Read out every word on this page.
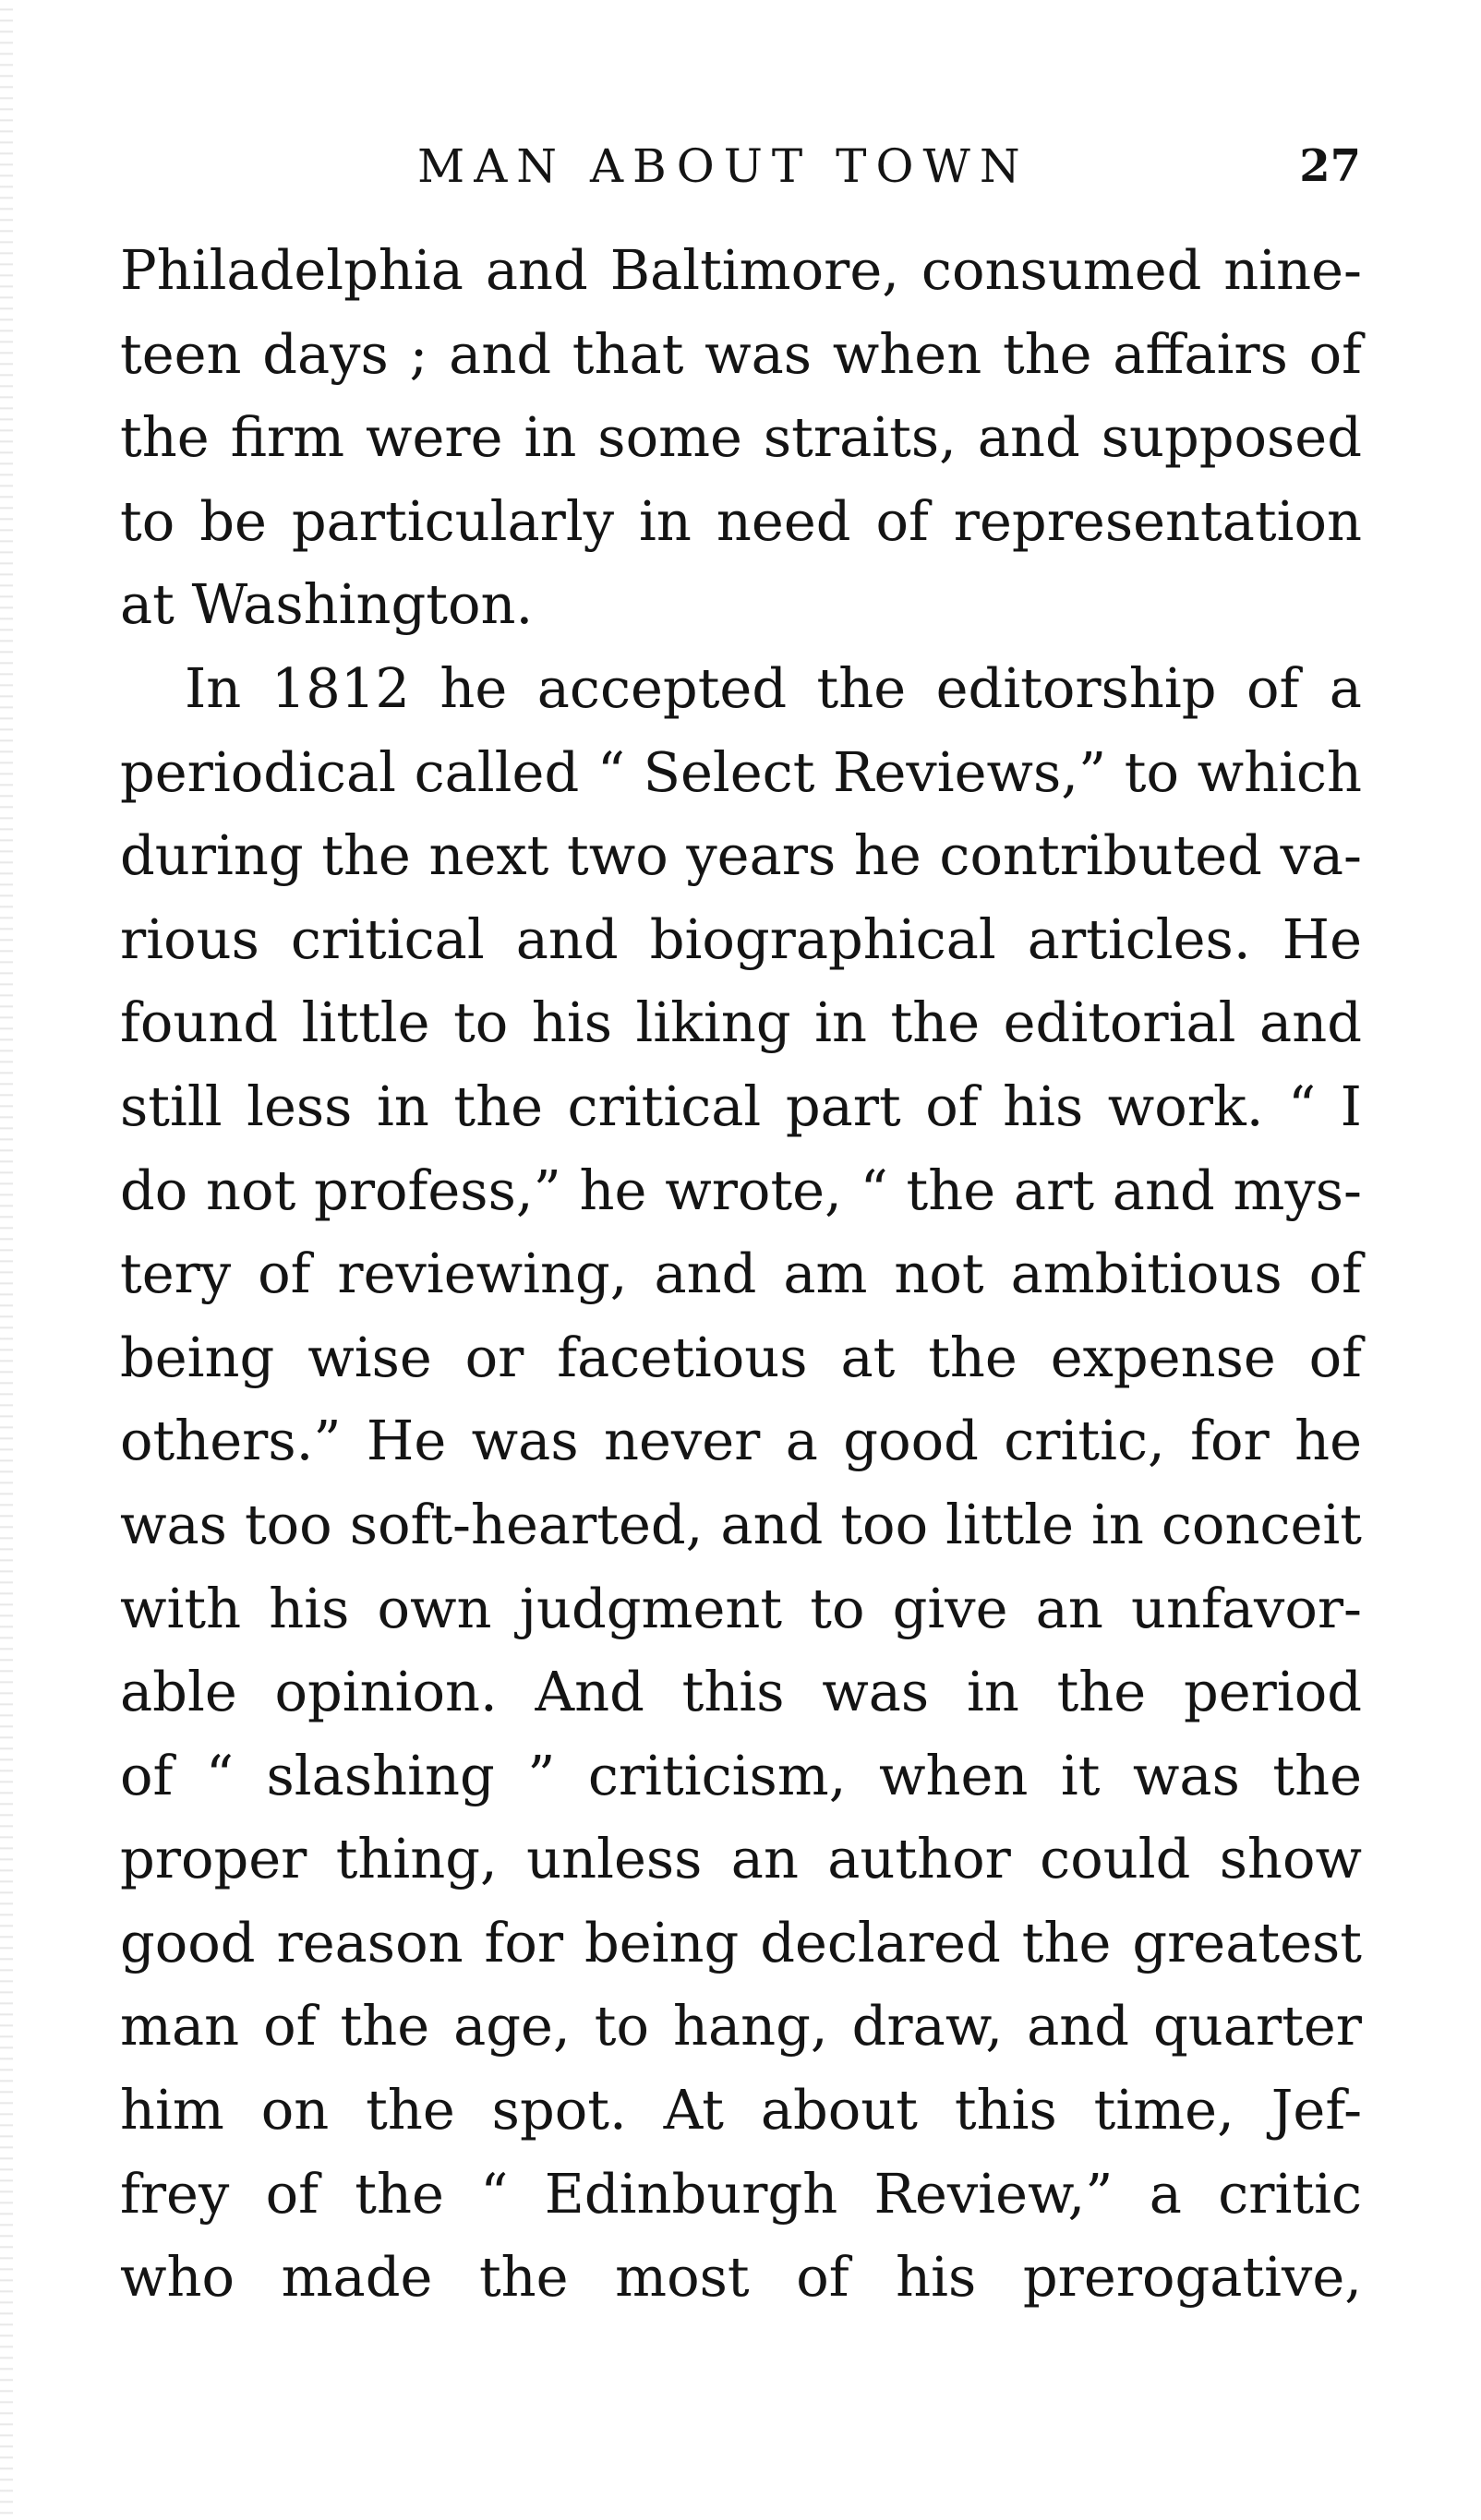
MAN ABOUT TOWN	27
Philadelphia and Baltimore, consumed nine-
teen days ; and that was when the affairs of
the firm were in some straits, and supposed
to be particularly in need of representation
at Washington.
In 1812 he accepted the editorship of a
periodical called “ Select Reviews,” to which
during the next two years he contributed va-
rious critical and biographical articles. He
found little to his liking in the editorial and
still less in the critical part of his work. “ I
do not profess,” he wrote, “ the art and mys-
tery of reviewing, and am not ambitious of
being wise or facetious at the expense of
others.” He was never a good critic, for he
was too soft-hearted, and too little in conceit
with his own judgment to give an unfavor-
able opinion. And this was in the period
of “ slashing ” criticism, when it was the
proper thing, unless an author could show
good reason for being declared the greatest
man of the age, to hang, draw, and quarter
him on the spot. At about this time, Jef-
frey of the “ Edinburgh Review,” a critic
who made the most of his prerogative,
